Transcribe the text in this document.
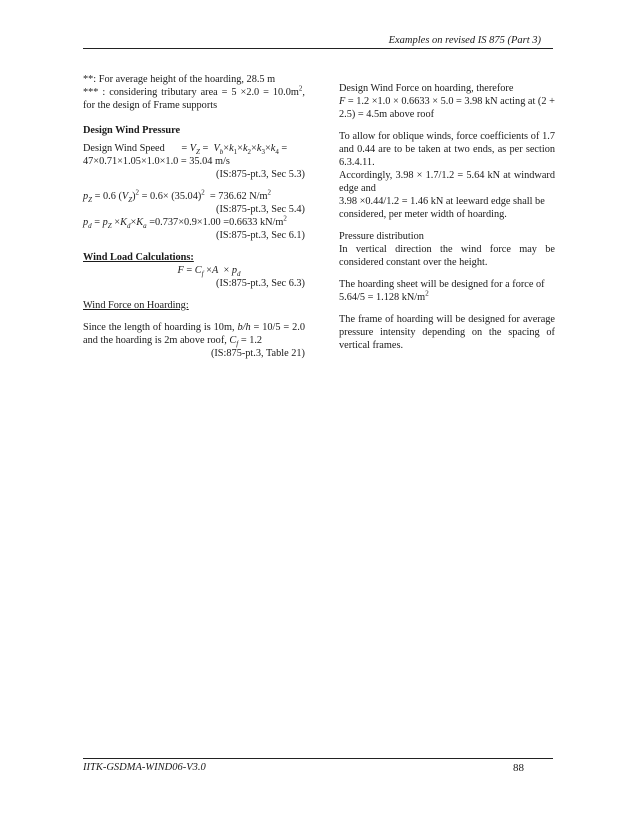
Examples on revised IS 875 (Part 3)

**: For average height of the hoarding, 28.5 m

*** : considering tributary area = $5 \times 2.0 = 10.0m^2$, for the design of Frame supports

Design Wind Pressure

Design Wind Speed = $V_Z = V_b\times k_1\times k_2\times k_3\times k_4$ =

47×0.71×1.05×1.0×1.0 = 35.04 m/s

(IS:875-pt.3, Sec 5.3)

$p_Z = 0.6$ $(V_Z)^2 = 0.6\times (35.04)^2 = 736.62$ $N/m^2$

(IS:875-pt.3, Sec 5.4)

$p_d = p_Z \times K_d\times K_a =0.737\times 0.9\times 1.00 =0.6633$ $kN/m^2$

(IS:875-pt.3, Sec 6.1)

Wind Load Calculations:

$F = C_f \times A \times p_d$

(IS:875-pt.3, Sec 6.3)

Wind Force on Hoarding:

Since the length of hoarding is 10m, b/h = 10/5 = 2.0 and the hoarding is 2m above roof, $C_f = 1.2$

(IS:875-pt.3, Table 21)

Design Wind Force on hoarding, therefore

F = 1.2 ×1.0 × 0.6633 × 5.0 = 3.98 kN acting at (2 + 2.5) = 4.5m above roof

To allow for oblique winds, force coefficients of 1.7 and 0.44 are to be taken at two ends, as per section 6.3.4.11.

Accordingly, 3.98 × 1.7/1.2 = 5.64 kN at windward edge and

3.98 ×0.44/1.2 = 1.46 kN at leeward edge shall be considered, per meter width of hoarding.

Pressure distribution

In vertical direction the wind force may be considered constant over the height.

The hoarding sheet will be designed for a force of 5.64/5 = 1.128 $kN/m^2$

The frame of hoarding will be designed for average pressure intensity depending on the spacing of vertical frames.

IITK-GSDMA-WIND06-V3.0	88
